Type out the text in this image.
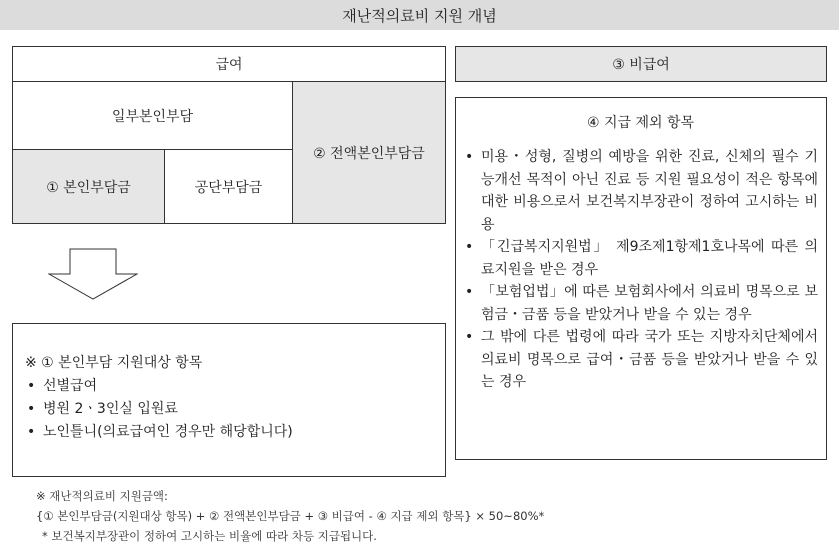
재난적의료비 지원 개념
급여
일부본인부담
① 본인부담금	공단부담금
② 전액본인부담금
※ ① 본인부담 지원대상 항목
• 선별급여
• 병원 2ㆍ3인실 입원료
• 노인틀니(의료급여인 경우만 해당합니다)
③ 비급여
④ 지급 제외 항목
• 미용・성형, 질병의 예방을 위한 진료, 신체의 필수 기능개선 목적이 아닌 진료 등 지원 필요성이 적은 항목에 대한 비용으로서 보건복지부장관이 정하여 고시하는 비용
• 「긴급복지지원법」 제9조제1항제1호나목에 따른 의료지원을 받은 경우
• 「보험업법」에 따른 보험회사에서 의료비 명목으로 보험금・금품 등을 받았거나 받을 수 있는 경우
• 그 밖에 다른 법령에 따라 국가 또는 지방자치단체에서 의료비 명목으로 급여・금품 등을 받았거나 받을 수 있는 경우
※ 재난적의료비 지원금액:
{① 본인부담금(지원대상 항목) + ② 전액본인부담금 + ③ 비급여 - ④ 지급 제외 항목} × 50~80%*
* 보건복지부장관이 정하여 고시하는 비율에 따라 차등 지급됩니다.
